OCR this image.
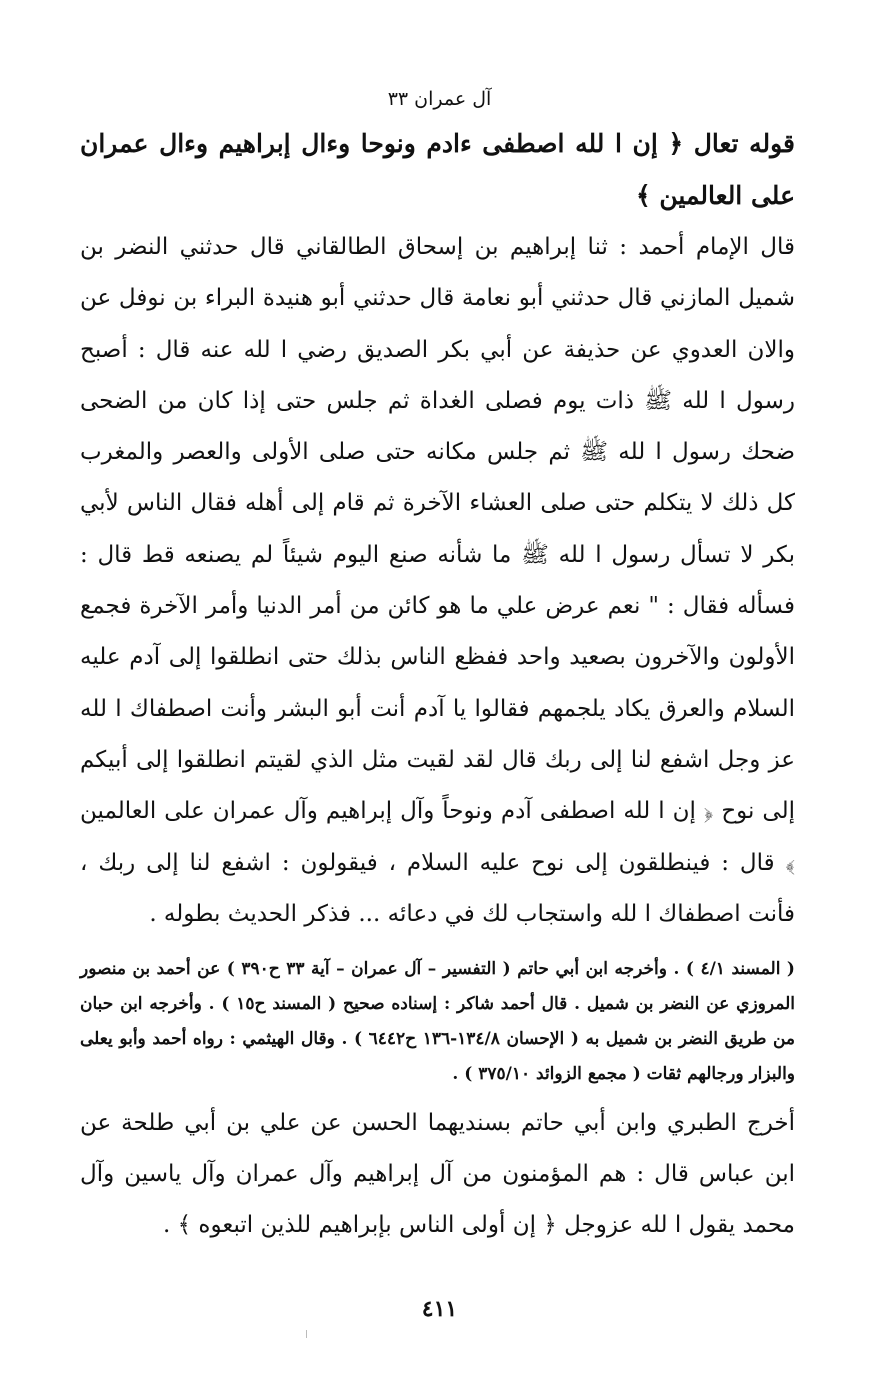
آل عمران ٣٣
قوله تعال ﴿ إن ا لله اصطفى ءادم ونوحا وءال إبراهيم وءال عمران على العالمين ﴾
قال الإمام أحمد : ثنا إبراهيم بن إسحاق الطالقاني قال حدثني النضر بن شميل المازني قال حدثني أبو نعامة قال حدثني أبو هنيدة البراء بن نوفل عن والان العدوي عن حذيفة عن أبي بكر الصديق رضي ا لله عنه قال : أصبح رسول ا لله ﷺ ذات يوم فصلى الغداة ثم جلس حتى إذا كان من الضحى ضحك رسول ا لله ﷺ ثم جلس مكانه حتى صلى الأولى والعصر والمغرب كل ذلك لا يتكلم حتى صلى العشاء الآخرة ثم قام إلى أهله فقال الناس لأبي بكر لا تسأل رسول ا لله ﷺ ما شأنه صنع اليوم شيئاً لم يصنعه قط قال : فسأله فقال : " نعم عرض علي ما هو كائن من أمر الدنيا وأمر الآخرة فجمع الأولون والآخرون بصعيد واحد ففظع الناس بذلك حتى انطلقوا إلى آدم عليه السلام والعرق يكاد يلجمهم فقالوا يا آدم أنت أبو البشر وأنت اصطفاك ا لله عز وجل اشفع لنا إلى ربك قال لقد لقيت مثل الذي لقيتم انطلقوا إلى أبيكم إلى نوح ﴿ إن ا لله اصطفى آدم ونوحاً وآل إبراهيم وآل عمران على العالمين ﴾ قال : فينطلقون إلى نوح عليه السلام ، فيقولون : اشفع لنا إلى ربك ، فأنت اصطفاك ا لله واستجاب لك في دعائه ... فذكر الحديث بطوله .
( المسند ٤/١ ) . وأخرجه ابن أبي حاتم ( التفسير – آل عمران – آية ٣٣ ح٣٩٠ ) عن أحمد بن منصور المروزي عن النضر بن شميل . قال أحمد شاكر : إسناده صحيح ( المسند ح١٥ ) . وأخرجه ابن حبان من طريق النضر بن شميل به ( الإحسان ١٣٤/٨-١٣٦ ح٦٤٤٢ ) . وقال الهيثمي : رواه أحمد وأبو يعلى والبزار ورجالهم ثقات ( مجمع الزوائد ٣٧٥/١٠ ) .
أخرج الطبري وابن أبي حاتم بسنديهما الحسن عن علي بن أبي طلحة عن ابن عباس قال : هم المؤمنون من آل إبراهيم وآل عمران وآل ياسين وآل محمد يقول ا لله عزوجل ﴿ إن أولى الناس بإبراهيم للذين اتبعوه ﴾ .
٤١١
